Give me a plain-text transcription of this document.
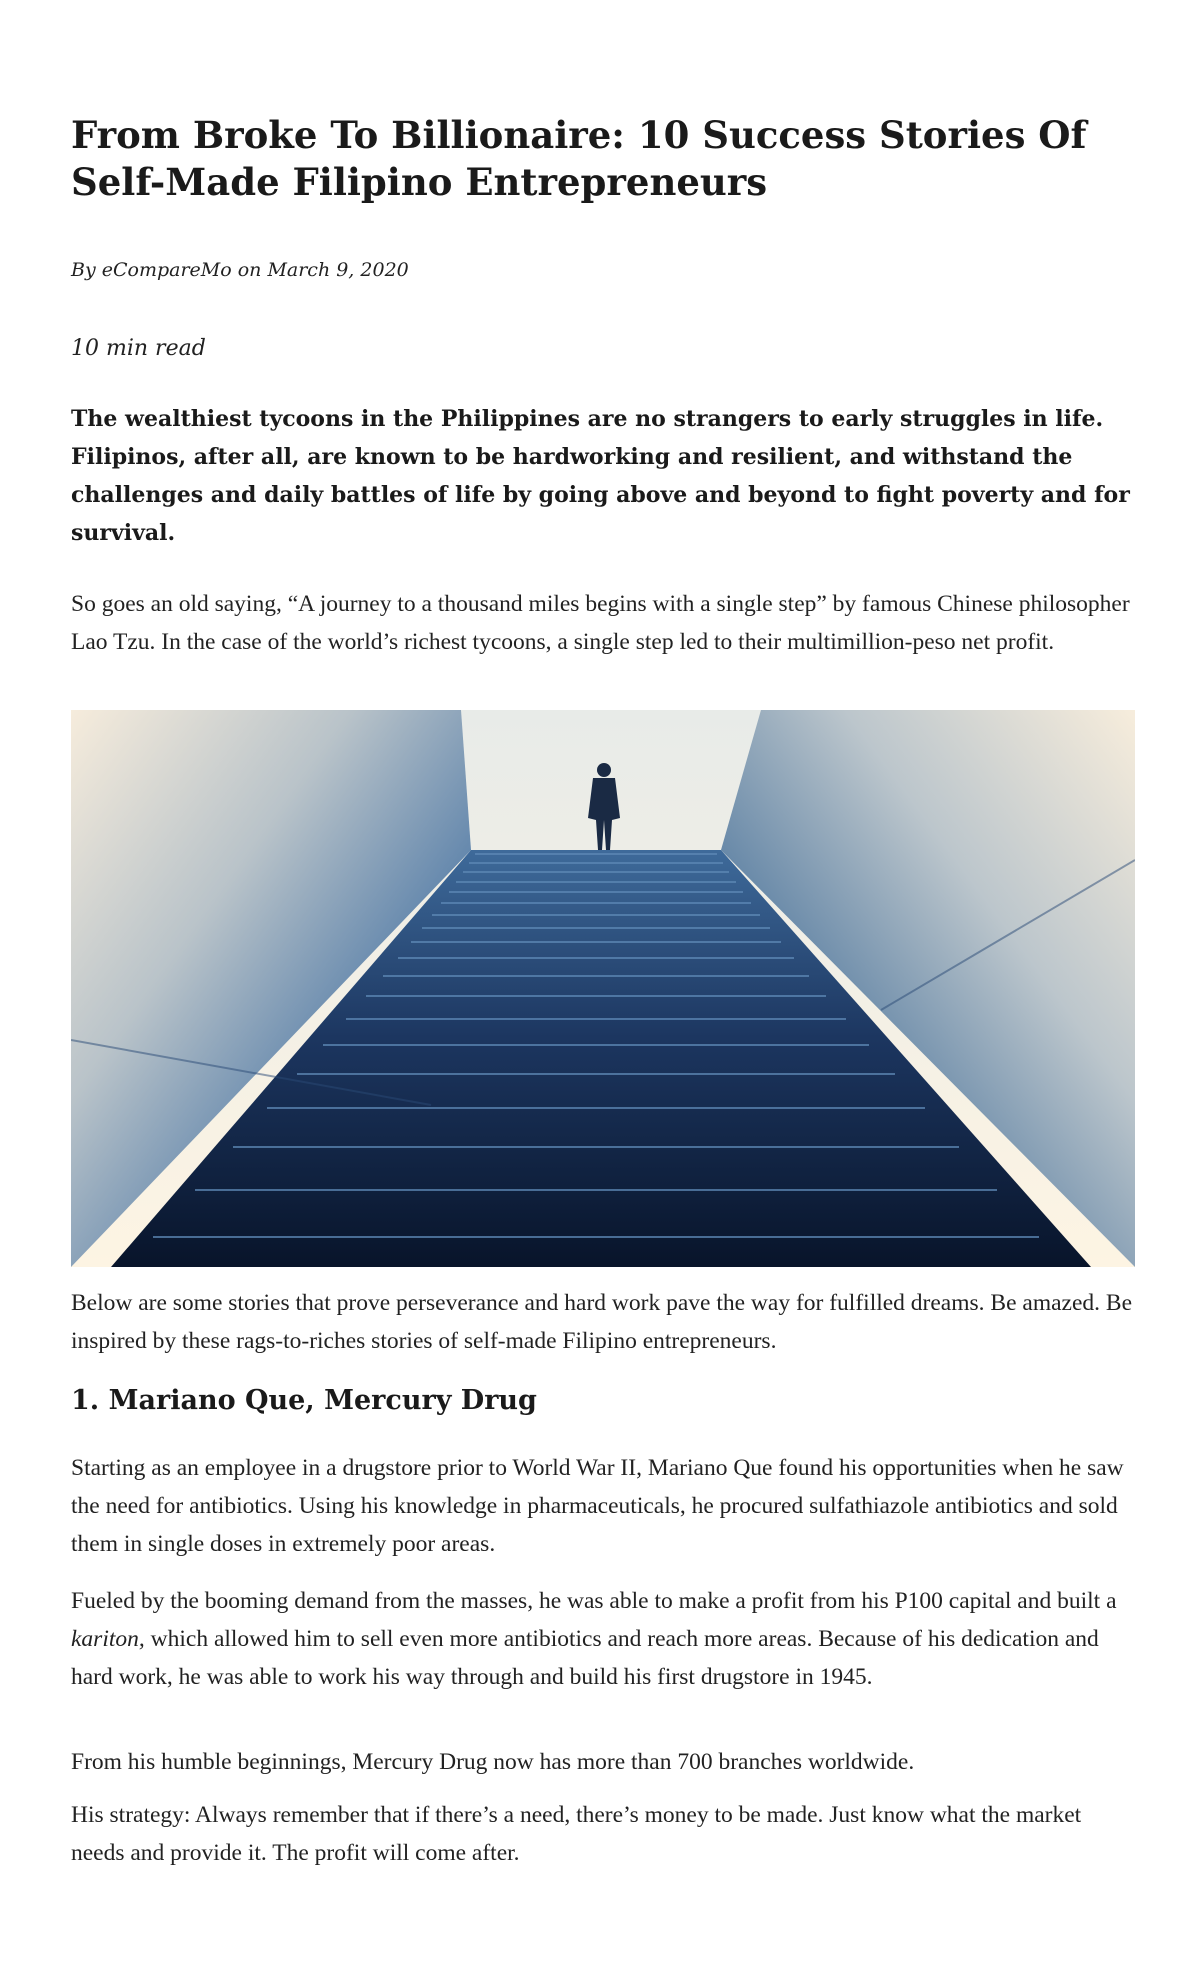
From Broke To Billionaire: 10 Success Stories Of Self-Made Filipino Entrepreneurs

By eCompareMo on March 9, 2020

10 min read

The wealthiest tycoons in the Philippines are no strangers to early struggles in life. Filipinos, after all, are known to be hardworking and resilient, and withstand the challenges and daily battles of life by going above and beyond to fight poverty and for survival.

So goes an old saying, “A journey to a thousand miles begins with a single step” by famous Chinese philosopher Lao Tzu. In the case of the world’s richest tycoons, a single step led to their multimillion-peso net profit.

Below are some stories that prove perseverance and hard work pave the way for fulfilled dreams. Be amazed. Be inspired by these rags-to-riches stories of self-made Filipino entrepreneurs.

1. Mariano Que, Mercury Drug

Starting as an employee in a drugstore prior to World War II, Mariano Que found his opportunities when he saw the need for antibiotics. Using his knowledge in pharmaceuticals, he procured sulfathiazole antibiotics and sold them in single doses in extremely poor areas.

Fueled by the booming demand from the masses, he was able to make a profit from his P100 capital and built a kariton, which allowed him to sell even more antibiotics and reach more areas. Because of his dedication and hard work, he was able to work his way through and build his first drugstore in 1945.

From his humble beginnings, Mercury Drug now has more than 700 branches worldwide.

His strategy: Always remember that if there’s a need, there’s money to be made. Just know what the market needs and provide it. The profit will come after.
